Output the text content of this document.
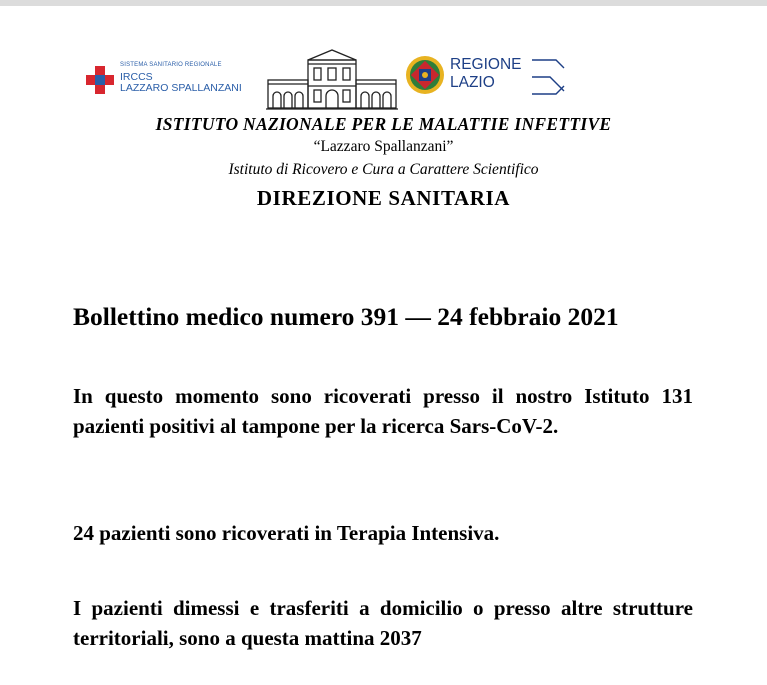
SISTEMA SANITARIO REGIONALE
IRCCS
LAZZARO SPALLANZANI
REGIONE
LAZIO
ISTITUTO NAZIONALE PER LE MALATTIE INFETTIVE
“Lazzaro Spallanzani”
Istituto di Ricovero e Cura a Carattere Scientifico
DIREZIONE SANITARIA
Bollettino medico numero 391 — 24 febbraio 2021
In questo momento sono ricoverati presso il nostro Istituto 131 pazienti positivi al tampone per la ricerca Sars-CoV-2.
24 pazienti sono ricoverati in Terapia Intensiva.
I pazienti dimessi e trasferiti a domicilio o presso altre strutture territoriali, sono a questa mattina 2037
